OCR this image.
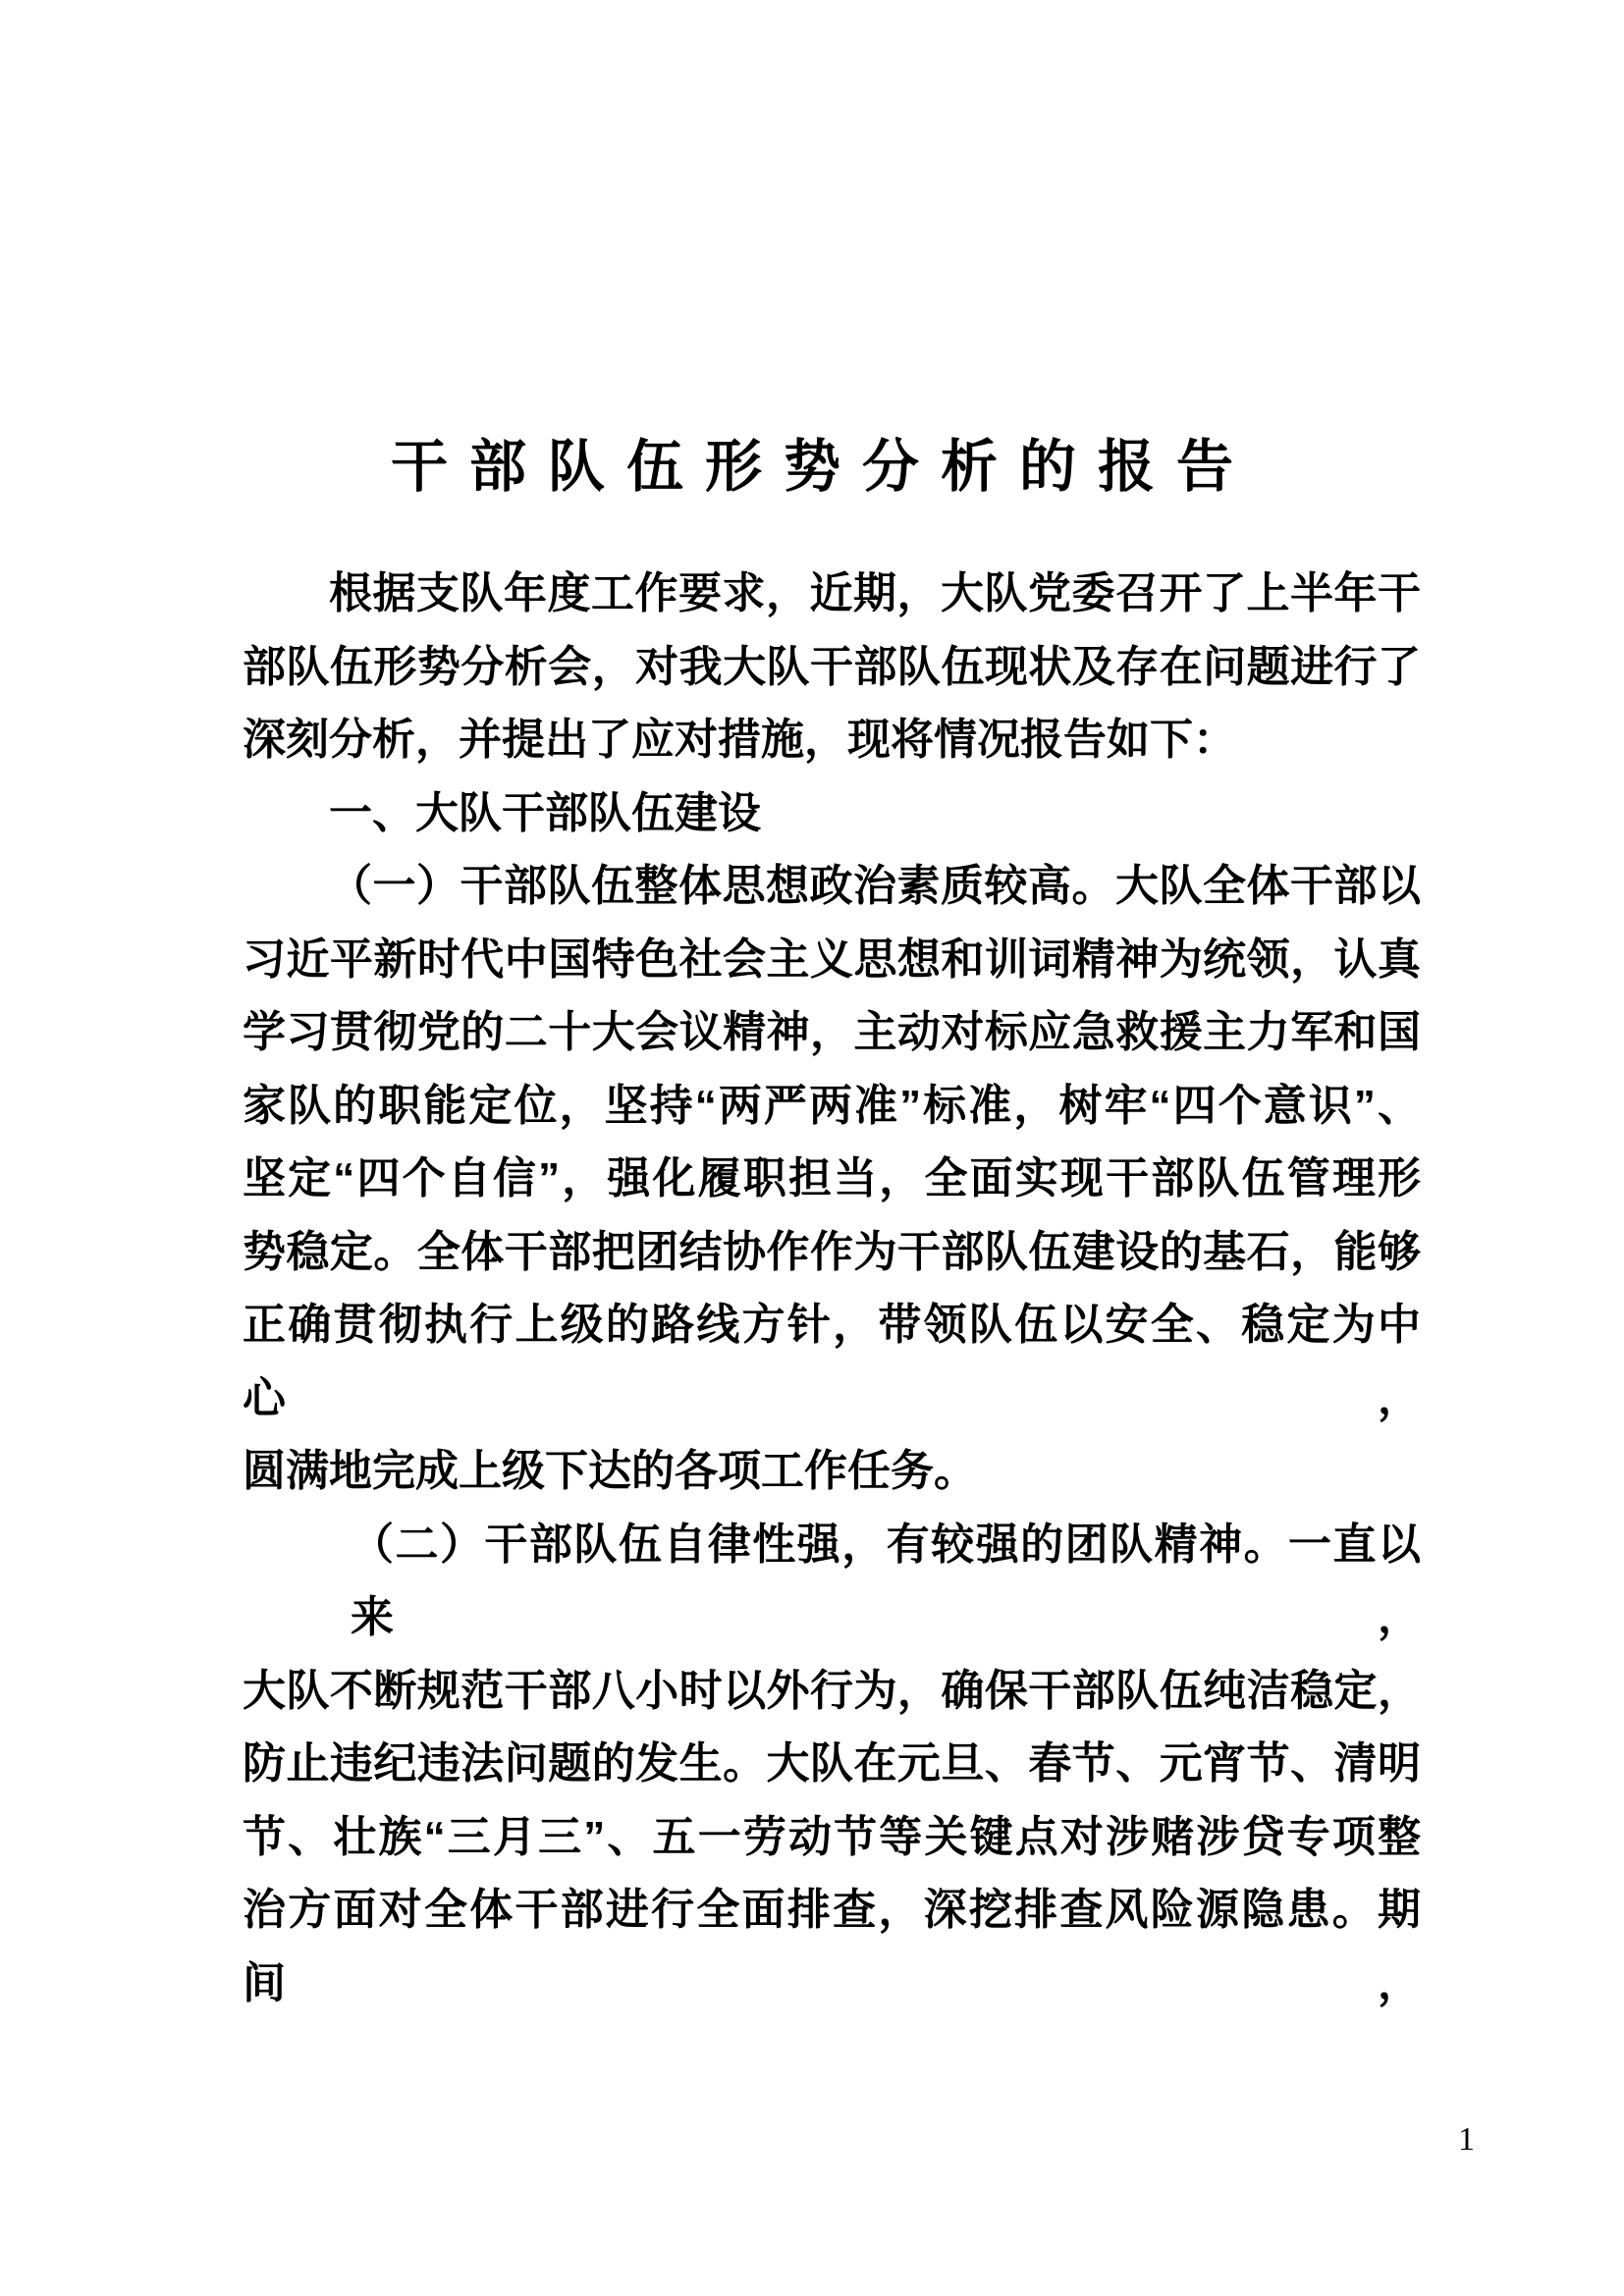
干部队伍形势分析的报告
根据支队年度工作要求，近期，大队党委召开了上半年干
部队伍形势分析会，对我大队干部队伍现状及存在问题进行了
深刻分析，并提出了应对措施，现将情况报告如下：
一、大队干部队伍建设
（一）干部队伍整体思想政治素质较高。大队全体干部以
习近平新时代中国特色社会主义思想和训词精神为统领，认真
学习贯彻党的二十大会议精神，主动对标应急救援主力军和国
家队的职能定位，坚持“两严两准”标准，树牢“四个意识”、
坚定“四个自信”，强化履职担当，全面实现干部队伍管理形
势稳定。全体干部把团结协作作为干部队伍建设的基石，能够
正确贯彻执行上级的路线方针，带领队伍以安全、稳定为中心，
圆满地完成上级下达的各项工作任务。
（二）干部队伍自律性强，有较强的团队精神。一直以来，
大队不断规范干部八小时以外行为，确保干部队伍纯洁稳定，
防止违纪违法问题的发生。大队在元旦、春节、元宵节、清明
节、壮族“三月三”、五一劳动节等关键点对涉赌涉贷专项整
治方面对全体干部进行全面排查，深挖排查风险源隐患。期间，
1
